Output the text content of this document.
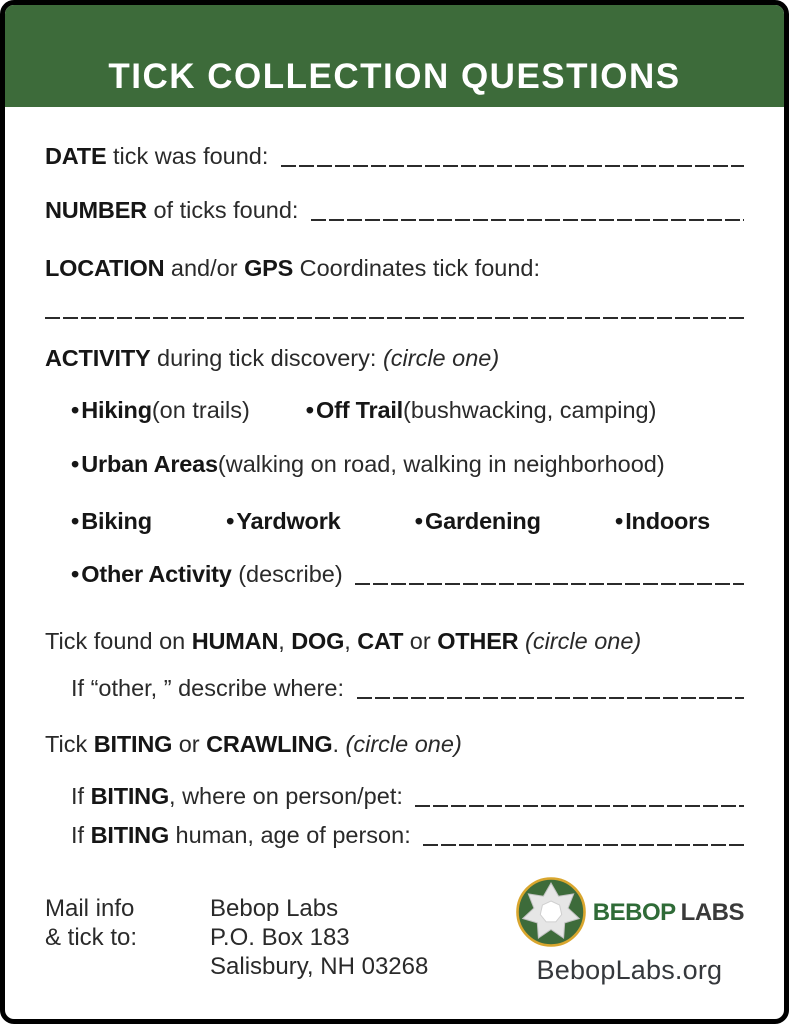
TICK COLLECTION QUESTIONS
DATE tick was found:
NUMBER of ticks found:
LOCATION and/or GPS Coordinates tick found:
ACTIVITY during tick discovery: (circle one)
•
Hiking (on trails) •	Off Trail (bushwacking, camping)
•
Urban Areas (walking on road, walking in neighborhood)
•
Biking •	Yardwork •	Gardening •	Indoors
•
Other Activity (describe)
Tick found on HUMAN, DOG, CAT or OTHER (circle one)
If “other, ” describe where:
Tick BITING or CRAWLING. (circle one)
If BITING, where on person/pet:
If BITING human, age of person:
Mail info
& tick to:
Bebop Labs
P.O. Box 183
Salisbury, NH 03268
BEBOP LABS
BebopLabs.org
